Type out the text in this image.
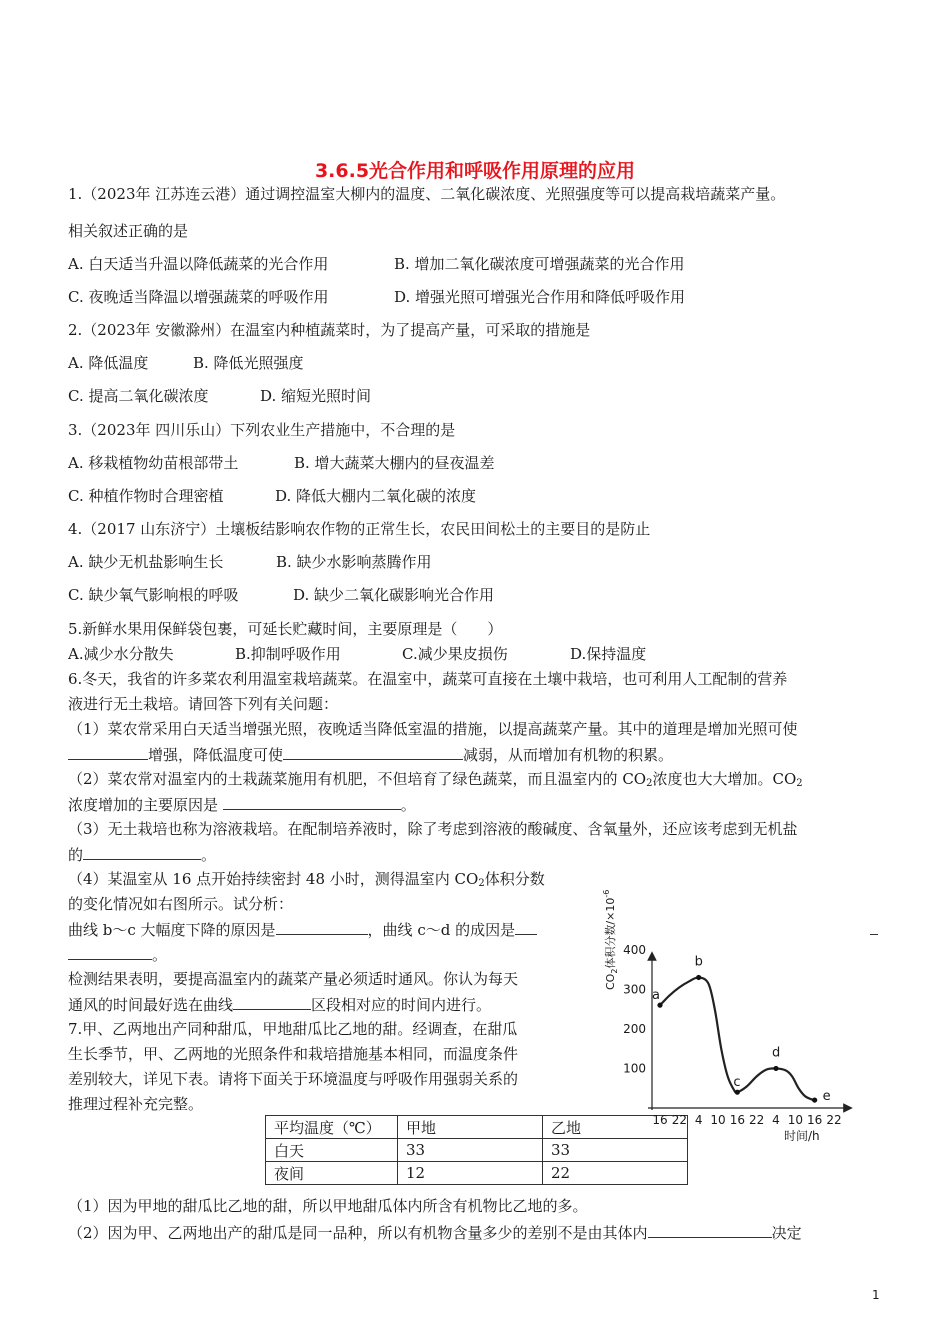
3.6.5光合作用和呼吸作用原理的应用
1.（2023年 江苏连云港）通过调控温室大柳内的温度、二氧化碳浓度、光照强度等可以提高栽培蔬菜产量。
相关叙述正确的是
A. 白天适当升温以降低蔬菜的光合作用	B. 增加二氧化碳浓度可增强蔬菜的光合作用
C. 夜晚适当降温以增强蔬菜的呼吸作用	D. 增强光照可增强光合作用和降低呼吸作用
2.（2023年 安徽滁州）在温室内种植蔬菜时，为了提高产量，可采取的措施是
A. 降低温度	B. 降低光照强度
C. 提高二氧化碳浓度	D. 缩短光照时间
3.（2023年 四川乐山）下列农业生产措施中，不合理的是
A. 移栽植物幼苗根部带土	B. 增大蔬菜大棚内的昼夜温差
C. 种植作物时合理密植	D. 降低大棚内二氧化碳的浓度
4.（2017 山东济宁）土壤板结影响农作物的正常生长，农民田间松土的主要目的是防止
A. 缺少无机盐影响生长	B. 缺少水影响蒸腾作用
C. 缺少氧气影响根的呼吸	D. 缺少二氧化碳影响光合作用
5.新鲜水果用保鲜袋包裹，可延长贮藏时间，主要原理是（　　）
A.减少水分散失	B.抑制呼吸作用	C.减少果皮损伤	D.保持温度
6.冬天，我省的许多菜农利用温室栽培蔬菜。在温室中，蔬菜可直接在土壤中栽培，也可利用人工配制的营养
液进行无土栽培。请回答下列有关问题：
（1）菜农常采用白天适当增强光照，夜晚适当降低室温的措施，以提高蔬菜产量。其中的道理是增加光照可使
增强，降低温度可使	减弱，从而增加有机物的积累。
（2）菜农常对温室内的土栽蔬菜施用有机肥，不但培育了绿色蔬菜，而且温室内的 $CO_2$浓度也大大增加。$CO_2$
浓度增加的主要原因是	。
（3）无土栽培也称为溶液栽培。在配制培养液时，除了考虑到溶液的酸碱度、含氧量外，还应该考虑到无机盐
的	。
（4）某温室从 16 点开始持续密封 48 小时，测得温室内 $CO_2$体积分数
的变化情况如右图所示。试分析：
曲线 b～c 大幅度下降的原因是	，曲线 c～d 的成因是
。
检测结果表明，要提高温室内的蔬菜产量必须适时通风。你认为每天
通风的时间最好选在曲线	区段相对应的时间内进行。
7.甲、乙两地出产同种甜瓜，甲地甜瓜比乙地的甜。经调查，在甜瓜
生长季节，甲、乙两地的光照条件和栽培措施基本相同，而温度条件
差别较大，详见下表。请将下面关于环境温度与呼吸作用强弱关系的
推理过程补充完整。
平均温度（℃）	甲地	乙地
白天	33	33
夜间	12	22
（1）因为甲地的甜瓜比乙地的甜，所以甲地甜瓜体内所含有机物比乙地的多。
（2）因为甲、乙两地出产的甜瓜是同一品种，所以有机物含量多少的差别不是由其体内	决定
100
200
300
400
16 22 4 10 16 22 4 10 16 22
a
b
c
d
e
时间/h
$CO_2$体积分数$/\times 10^{-6}$
1
